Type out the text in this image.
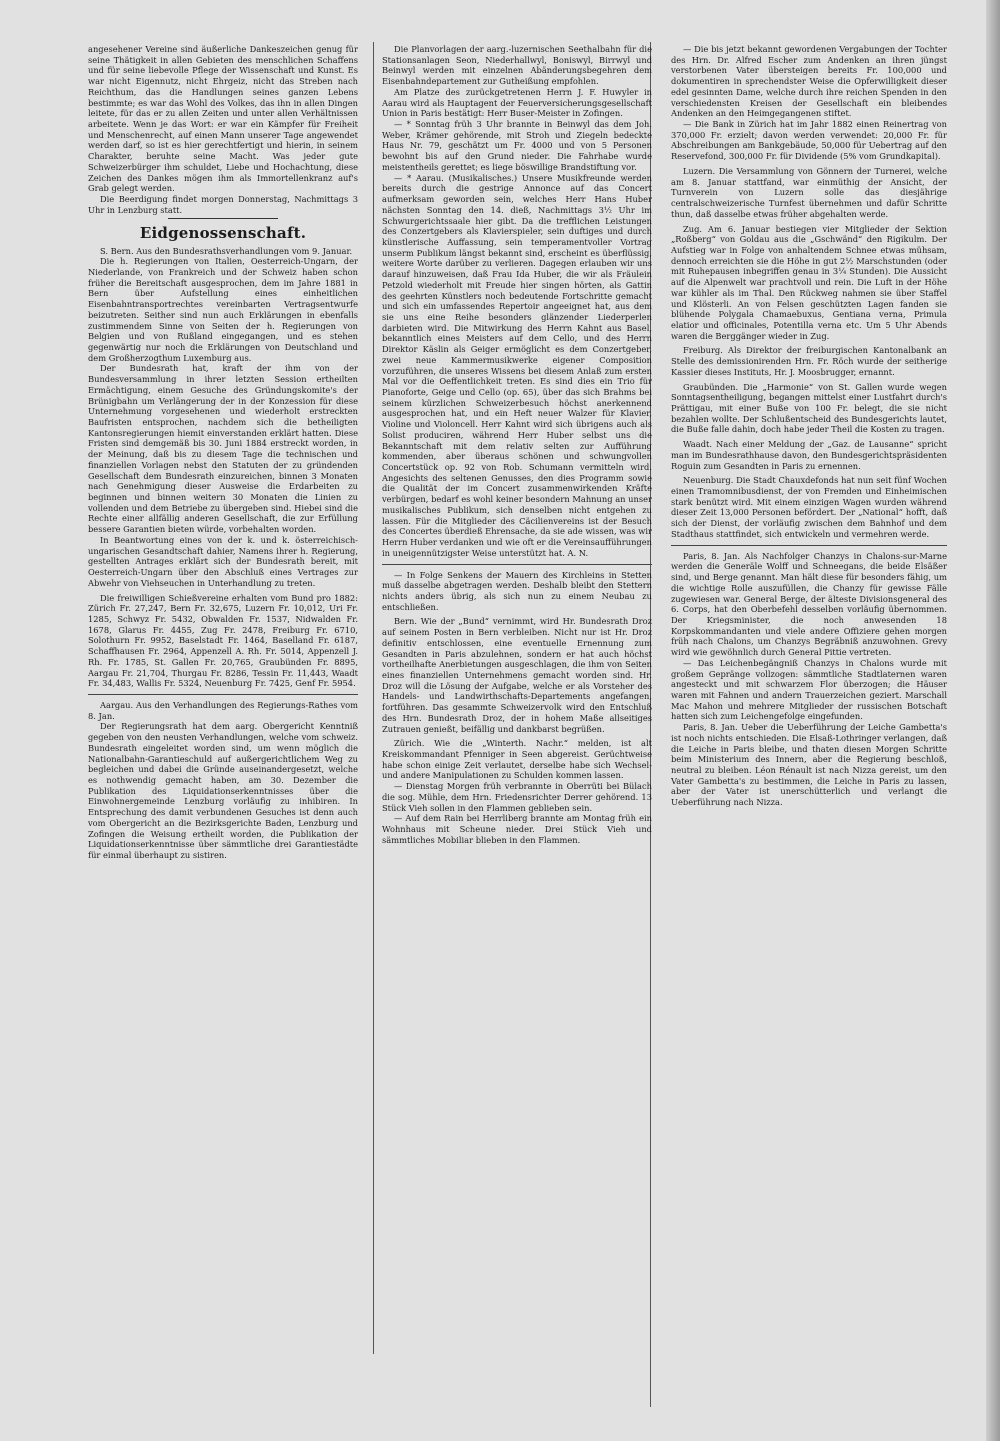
angesehener Vereine sind äußerliche Dankeszeichen genug für seine Thätigkeit in allen Gebieten des menschlichen Schaffens und für seine liebevolle Pflege der Wissenschaft und Kunst. Es war nicht Eigennutz, nicht Ehrgeiz, nicht das Streben nach Reichthum, das die Handlungen seines ganzen Lebens bestimmte; es war das Wohl des Volkes, das ihn in allen Dingen leitete, für das er zu allen Zeiten und unter allen Verhältnissen arbeitete. Wenn je das Wort: er war ein Kämpfer für Freiheit und Menschenrecht, auf einen Mann unserer Tage angewendet werden darf, so ist es hier gerechtfertigt und hierin, in seinem Charakter, beruhte seine Macht. Was jeder gute Schweizerbürger ihm schuldet, Liebe und Hochachtung, diese Zeichen des Dankes mögen ihm als Immortellenkranz auf's Grab gelegt werden.

Die Beerdigung findet morgen Donnerstag, Nachmittags 3 Uhr in Lenzburg statt.

Eidgenossenschaft.

S. Bern. Aus den Bundesrathsverhandlungen vom 9. Januar.

Die h. Regierungen von Italien, Oesterreich-Ungarn, der Niederlande, von Frankreich und der Schweiz haben schon früher die Bereitschaft ausgesprochen, dem im Jahre 1881 in Bern über Aufstellung eines einheitlichen Eisenbahntransportrechtes vereinbarten Vertragsentwurfe beizutreten. Seither sind nun auch Erklärungen in ebenfalls zustimmendem Sinne von Seiten der h. Regierungen von Belgien und von Rußland eingegangen, und es stehen gegenwärtig nur noch die Erklärungen von Deutschland und dem Großherzogthum Luxemburg aus.

Der Bundesrath hat, kraft der ihm von der Bundesversammlung in ihrer letzten Session ertheilten Ermächtigung, einem Gesuche des Gründungskomite's der Brünigbahn um Verlängerung der in der Konzession für diese Unternehmung vorgesehenen und wiederholt erstreckten Baufristen entsprochen, nachdem sich die betheiligten Kantonsregierungen hiemit einverstanden erklärt hatten. Diese Fristen sind demgemäß bis 30. Juni 1884 erstreckt worden, in der Meinung, daß bis zu diesem Tage die technischen und finanziellen Vorlagen nebst den Statuten der zu gründenden Gesellschaft dem Bundesrath einzureichen, binnen 3 Monaten nach Genehmigung dieser Ausweise die Erdarbeiten zu beginnen und binnen weitern 30 Monaten die Linien zu vollenden und dem Betriebe zu übergeben sind. Hiebei sind die Rechte einer allfällig anderen Gesellschaft, die zur Erfüllung bessere Garantien bieten würde, vorbehalten worden.

In Beantwortung eines von der k. und k. österreichisch-ungarischen Gesandtschaft dahier, Namens ihrer h. Regierung, gestellten Antrages erklärt sich der Bundesrath bereit, mit Oesterreich-Ungarn über den Abschluß eines Vertrages zur Abwehr von Viehseuchen in Unterhandlung zu treten.

Die freiwilligen Schießvereine erhalten vom Bund pro 1882: Zürich Fr. 27,247, Bern Fr. 32,675, Luzern Fr. 10,012, Uri Fr. 1285, Schwyz Fr. 5432, Obwalden Fr. 1537, Nidwalden Fr. 1678, Glarus Fr. 4455, Zug Fr. 2478, Freiburg Fr. 6710, Solothurn Fr. 9952, Baselstadt Fr. 1464, Baselland Fr. 6187, Schaffhausen Fr. 2964, Appenzell A. Rh. Fr. 5014, Appenzell J. Rh. Fr. 1785, St. Gallen Fr. 20,765, Graubünden Fr. 8895, Aargau Fr. 21,704, Thurgau Fr. 8286, Tessin Fr. 11,443, Waadt Fr. 34,483, Wallis Fr. 5324, Neuenburg Fr. 7425, Genf Fr. 5954.

Aargau. Aus den Verhandlungen des Regierungs-Rathes vom 8. Jan.

Der Regierungsrath hat dem aarg. Obergericht Kenntniß gegeben von den neusten Verhandlungen, welche vom schweiz. Bundesrath eingeleitet worden sind, um wenn möglich die Nationalbahn-Garantieschuld auf außergerichtlichem Weg zu begleichen und dabei die Gründe auseinandergesetzt, welche es nothwendig gemacht haben, am 30. Dezember die Publikation des Liquidationserkenntnisses über die Einwohnergemeinde Lenzburg vorläufig zu inhibiren. In Entsprechung des damit verbundenen Gesuches ist denn auch vom Obergericht an die Bezirksgerichte Baden, Lenzburg und Zofingen die Weisung ertheilt worden, die Publikation der Liquidationserkenntnisse über sämmtliche drei Garantiestädte für einmal überhaupt zu sistiren.

Die Planvorlagen der aarg.-luzernischen Seethalbahn für die Stationsanlagen Seon, Niederhallwyl, Boniswyl, Birrwyl und Beinwyl werden mit einzelnen Abänderungsbegehren dem Eisenbahndepartement zur Gutheißung empfohlen.

Am Platze des zurückgetretenen Herrn J. F. Huwyler in Aarau wird als Hauptagent der Feuerversicherungsgesellschaft Union in Paris bestätigt: Herr Buser-Meister in Zofingen.

— * Sonntag früh 3 Uhr brannte in Beinwyl das dem Joh. Weber, Krämer gehörende, mit Stroh und Ziegeln bedeckte Haus Nr. 79, geschätzt um Fr. 4000 und von 5 Personen bewohnt bis auf den Grund nieder. Die Fahrhabe wurde meistentheils gerettet; es liege böswillige Brandstiftung vor.

— * Aarau. (Musikalisches.) Unsere Musikfreunde werden bereits durch die gestrige Annonce auf das Concert aufmerksam geworden sein, welches Herr Hans Huber nächsten Sonntag den 14. dieß, Nachmittags 3½ Uhr im Schwurgerichtssaale hier gibt. Da die trefflichen Leistungen des Conzertgebers als Klavierspieler, sein duftiges und durch künstlerische Auffassung, sein temperamentvoller Vortrag unserm Publikum längst bekannt sind, erscheint es überflüssig, weitere Worte darüber zu verlieren. Dagegen erlauben wir uns darauf hinzuweisen, daß Frau Ida Huber, die wir als Fräulein Petzold wiederholt mit Freude hier singen hörten, als Gattin des geehrten Künstlers noch bedeutende Fortschritte gemacht und sich ein umfassendes Repertoir angeeignet hat, aus dem sie uns eine Reihe besonders glänzender Liederperlen darbieten wird. Die Mitwirkung des Herrn Kahnt aus Basel, bekanntlich eines Meisters auf dem Cello, und des Herrn Direktor Käslin als Geiger ermöglicht es dem Conzertgeber, zwei neue Kammermusikwerke eigener Composition vorzuführen, die unseres Wissens bei diesem Anlaß zum ersten Mal vor die Oeffentlichkeit treten. Es sind dies ein Trio für Pianoforte, Geige und Cello (op. 65), über das sich Brahms bei seinem kürzlichen Schweizerbesuch höchst anerkennend ausgesprochen hat, und ein Heft neuer Walzer für Klavier, Violine und Violoncell. Herr Kahnt wird sich übrigens auch als Solist produciren, während Herr Huber selbst uns die Bekanntschaft mit dem relativ selten zur Aufführung kommenden, aber überaus schönen und schwungvollen Concertstück op. 92 von Rob. Schumann vermitteln wird. Angesichts des seltenen Genusses, den dies Programm sowie die Qualität der im Concert zusammenwirkenden Kräfte verbürgen, bedarf es wohl keiner besondern Mahnung an unser musikalisches Publikum, sich denselben nicht entgehen zu lassen. Für die Mitglieder des Cäcilienvereins ist der Besuch des Concertes überdieß Ehrensache, da sie ade wissen, was wir Herrn Huber verdanken und wie oft er die Vereinsaufführungen in uneigennützigster Weise unterstützt hat. A. N.

— In Folge Senkens der Mauern des Kirchleins in Stetten muß dasselbe abgetragen werden. Deshalb bleibt den Stettern nichts anders übrig, als sich nun zu einem Neubau zu entschließen.

Bern. Wie der „Bund“ vernimmt, wird Hr. Bundesrath Droz auf seinem Posten in Bern verbleiben. Nicht nur ist Hr. Droz definitiv entschlossen, eine eventuelle Ernennung zum Gesandten in Paris abzulehnen, sondern er hat auch höchst vortheilhafte Anerbietungen ausgeschlagen, die ihm von Seiten eines finanziellen Unternehmens gemacht worden sind. Hr. Droz will die Lösung der Aufgabe, welche er als Vorsteher des Handels- und Landwirthschafts-Departements angefangen, fortführen. Das gesammte Schweizervolk wird den Entschluß des Hrn. Bundesrath Droz, der in hohem Maße allseitiges Zutrauen genießt, beifällig und dankbarst begrüßen.

Zürich. Wie die „Winterth. Nachr.“ melden, ist alt Kreiskommandant Pfenniger in Seen abgereist. Gerüchtweise habe schon einige Zeit verlautet, derselbe habe sich Wechsel- und andere Manipulationen zu Schulden kommen lassen.

— Dienstag Morgen früh verbrannte in Oberrüti bei Bülach die sog. Mühle, dem Hrn. Friedensrichter Derrer gehörend. 13 Stück Vieh sollen in den Flammen geblieben sein.

— Auf dem Rain bei Herrliberg brannte am Montag früh ein Wohnhaus mit Scheune nieder. Drei Stück Vieh und sämmtliches Mobiliar blieben in den Flammen.

— Die bis jetzt bekannt gewordenen Vergabungen der Tochter des Hrn. Dr. Alfred Escher zum Andenken an ihren jüngst verstorbenen Vater übersteigen bereits Fr. 100,000 und dokumentiren in sprechendster Weise die Opferwilligkeit dieser edel gesinnten Dame, welche durch ihre reichen Spenden in den verschiedensten Kreisen der Gesellschaft ein bleibendes Andenken an den Heimgegangenen stiftet.

— Die Bank in Zürich hat im Jahr 1882 einen Reinertrag von 370,000 Fr. erzielt; davon werden verwendet: 20,000 Fr. für Abschreibungen am Bankgebäude, 50,000 für Uebertrag auf den Reservefond, 300,000 Fr. für Dividende (5% vom Grundkapital).

Luzern. Die Versammlung von Gönnern der Turnerei, welche am 8. Januar stattfand, war einmüthig der Ansicht, der Turnverein von Luzern solle das diesjährige centralschweizerische Turnfest übernehmen und dafür Schritte thun, daß dasselbe etwas früher abgehalten werde.

Zug. Am 6. Januar bestiegen vier Mitglieder der Sektion „Roßberg“ von Goldau aus die „Gschwänd“ den Rigikulm. Der Aufstieg war in Folge von anhaltendem Schnee etwas mühsam, dennoch erreichten sie die Höhe in gut 2½ Marschstunden (oder mit Ruhepausen inbegriffen genau in 3¼ Stunden). Die Aussicht auf die Alpenwelt war prachtvoll und rein. Die Luft in der Höhe war kühler als im Thal. Den Rückweg nahmen sie über Staffel und Klösterli. An von Felsen geschützten Lagen fanden sie blühende Polygala Chamaebuxus, Gentiana verna, Primula elatior und officinales, Potentilla verna etc. Um 5 Uhr Abends waren die Berggänger wieder in Zug.

Freiburg. Als Direktor der freiburgischen Kantonalbank an Stelle des demissionirenden Hrn. Fr. Röch wurde der seitherige Kassier dieses Instituts, Hr. J. Moosbrugger, ernannt.

Graubünden. Die „Harmonie“ von St. Gallen wurde wegen Sonntagsentheiligung, begangen mittelst einer Lustfahrt durch's Prättigau, mit einer Buße von 100 Fr. belegt, die sie nicht bezahlen wollte. Der Schlußentscheid des Bundesgerichts lautet, die Buße falle dahin, doch habe jeder Theil die Kosten zu tragen.

Waadt. Nach einer Meldung der „Gaz. de Lausanne“ spricht man im Bundesrathhause davon, den Bundesgerichtspräsidenten Roguin zum Gesandten in Paris zu ernennen.

Neuenburg. Die Stadt Chauxdefonds hat nun seit fünf Wochen einen Tramomnibusdienst, der von Fremden und Einheimischen stark benützt wird. Mit einem einzigen Wagen wurden während dieser Zeit 13,000 Personen befördert. Der „National“ hofft, daß sich der Dienst, der vorläufig zwischen dem Bahnhof und dem Stadthaus stattfindet, sich entwickeln und vermehren werde.

Paris, 8. Jan. Als Nachfolger Chanzys in Chalons-sur-Marne werden die Generäle Wolff und Schneegans, die beide Elsäßer sind, und Berge genannt. Man hält diese für besonders fähig, um die wichtige Rolle auszufüllen, die Chanzy für gewisse Fälle zugewiesen war. General Berge, der älteste Divisionsgeneral des 6. Corps, hat den Oberbefehl desselben vorläufig übernommen. Der Kriegsminister, die noch anwesenden 18 Korpskommandanten und viele andere Offiziere gehen morgen früh nach Chalons, um Chanzys Begräbniß anzuwohnen. Grevy wird wie gewöhnlich durch General Pittie vertreten.

— Das Leichenbegängniß Chanzys in Chalons wurde mit großem Gepränge vollzogen: sämmtliche Stadtlaternen waren angesteckt und mit schwarzem Flor überzogen; die Häuser waren mit Fahnen und andern Trauerzeichen geziert. Marschall Mac Mahon und mehrere Mitglieder der russischen Botschaft hatten sich zum Leichengefolge eingefunden.

Paris, 8. Jan. Ueber die Ueberführung der Leiche Gambetta's ist noch nichts entschieden. Die Elsaß-Lothringer verlangen, daß die Leiche in Paris bleibe, und thaten diesen Morgen Schritte beim Ministerium des Innern, aber die Regierung beschloß, neutral zu bleiben. Léon Rénault ist nach Nizza gereist, um den Vater Gambetta's zu bestimmen, die Leiche in Paris zu lassen, aber der Vater ist unerschütterlich und verlangt die Ueberführung nach Nizza.
